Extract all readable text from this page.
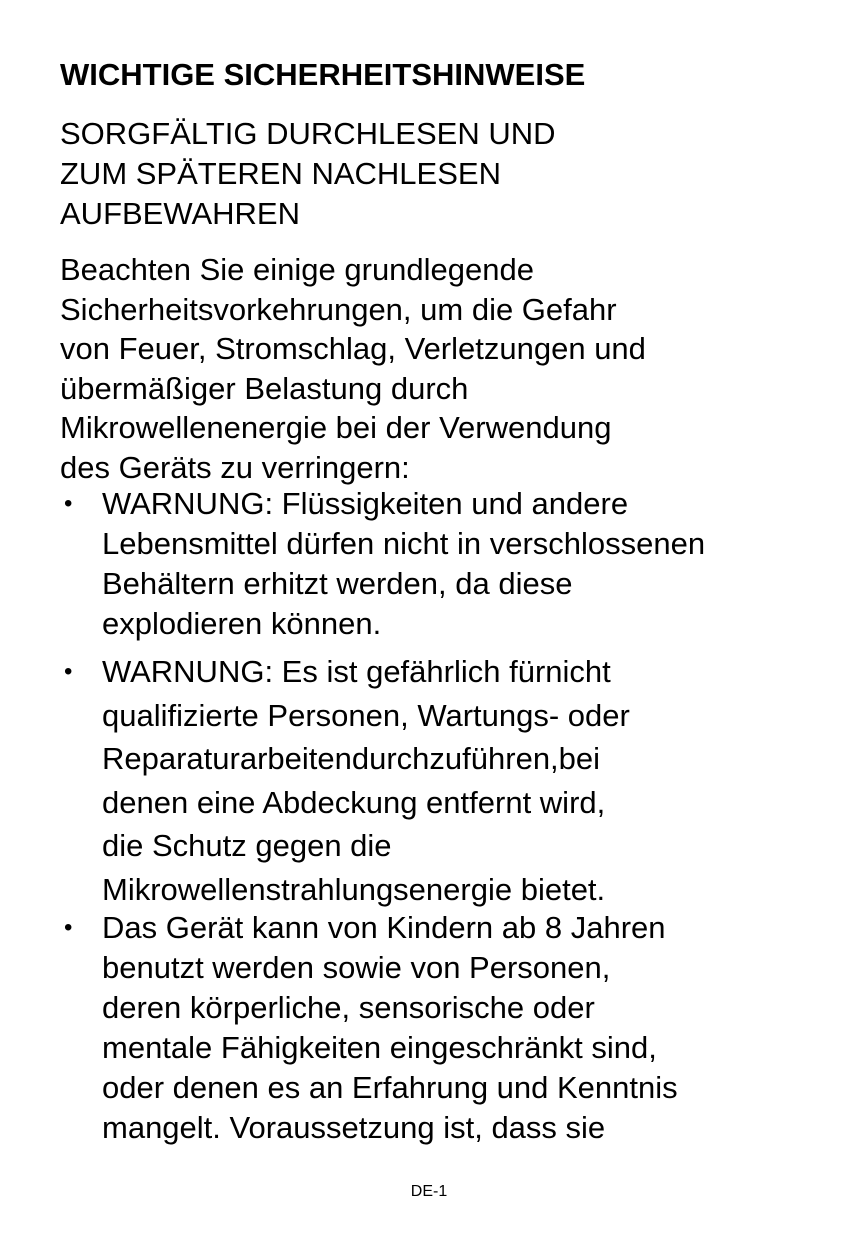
WICHTIGE SICHERHEITSHINWEISE
SORGFÄLTIG DURCHLESEN UND
ZUM SPÄTEREN NACHLESEN
AUFBEWAHREN
Beachten Sie einige grundlegende
Sicherheitsvorkehrungen, um die Gefahr
von Feuer, Stromschlag, Verletzungen und
übermäßiger Belastung durch
Mikrowellenenergie bei der Verwendung
des Geräts zu verringern:
• WARNUNG: Flüssigkeiten und andere
Lebensmittel dürfen nicht in verschlossenen
Behältern erhitzt werden, da diese
explodieren können.
• WARNUNG: Es ist gefährlich fürnicht
qualifizierte Personen, Wartungs- oder
Reparaturarbeitendurchzuführen,bei
denen eine Abdeckung entfernt wird,
die Schutz gegen die
Mikrowellenstrahlungsenergie bietet.
• Das Gerät kann von Kindern ab 8 Jahren
benutzt werden sowie von Personen,
deren körperliche, sensorische oder
mentale Fähigkeiten eingeschränkt sind,
oder denen es an Erfahrung und Kenntnis
mangelt. Voraussetzung ist, dass sie
DE-1
